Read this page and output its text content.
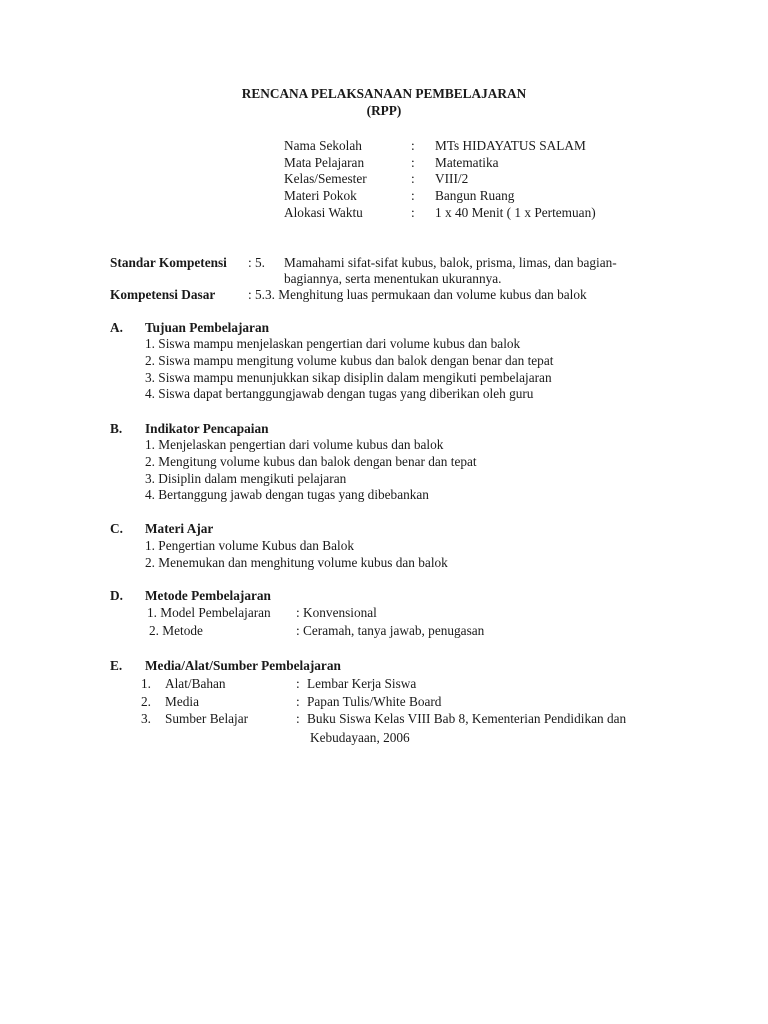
RENCANA PELAKSANAAN PEMBELAJARAN
(RPP)
Nama Sekolah	: MTs HIDAYATUS SALAM
Mata Pelajaran	: Matematika
Kelas/Semester	: VIII/2
Materi Pokok	: Bangun Ruang
Alokasi Waktu	: 1 x 40 Menit ( 1 x Pertemuan)
Standar Kompetensi : 5. Mamahami sifat-sifat kubus, balok, prisma, limas, dan bagian-
bagiannya, serta menentukan ukurannya.
Kompetensi Dasar : 5.3. Menghitung luas permukaan dan volume kubus dan balok
A. Tujuan Pembelajaran
1. Siswa mampu menjelaskan pengertian dari volume kubus dan balok
2. Siswa mampu mengitung volume kubus dan balok dengan benar dan tepat
3. Siswa mampu menunjukkan sikap disiplin dalam mengikuti pembelajaran
4. Siswa dapat bertanggungjawab dengan tugas yang diberikan oleh guru
B. Indikator Pencapaian
1. Menjelaskan pengertian dari volume kubus dan balok
2. Mengitung volume kubus dan balok dengan benar dan tepat
3. Disiplin dalam mengikuti pelajaran
4. Bertanggung jawab dengan tugas yang dibebankan
C. Materi Ajar
1. Pengertian volume Kubus dan Balok
2. Menemukan dan menghitung volume kubus dan balok
D. Metode Pembelajaran
1. Model Pembelajaran : Konvensional
2. Metode	: Ceramah, tanya jawab, penugasan
E. Media/Alat/Sumber Pembelajaran
1. Alat/Bahan	: Lembar Kerja Siswa
2. Media	: Papan Tulis/White Board
3. Sumber Belajar	: Buku Siswa Kelas VIII Bab 8, Kementerian Pendidikan dan
Kebudayaan, 2006
